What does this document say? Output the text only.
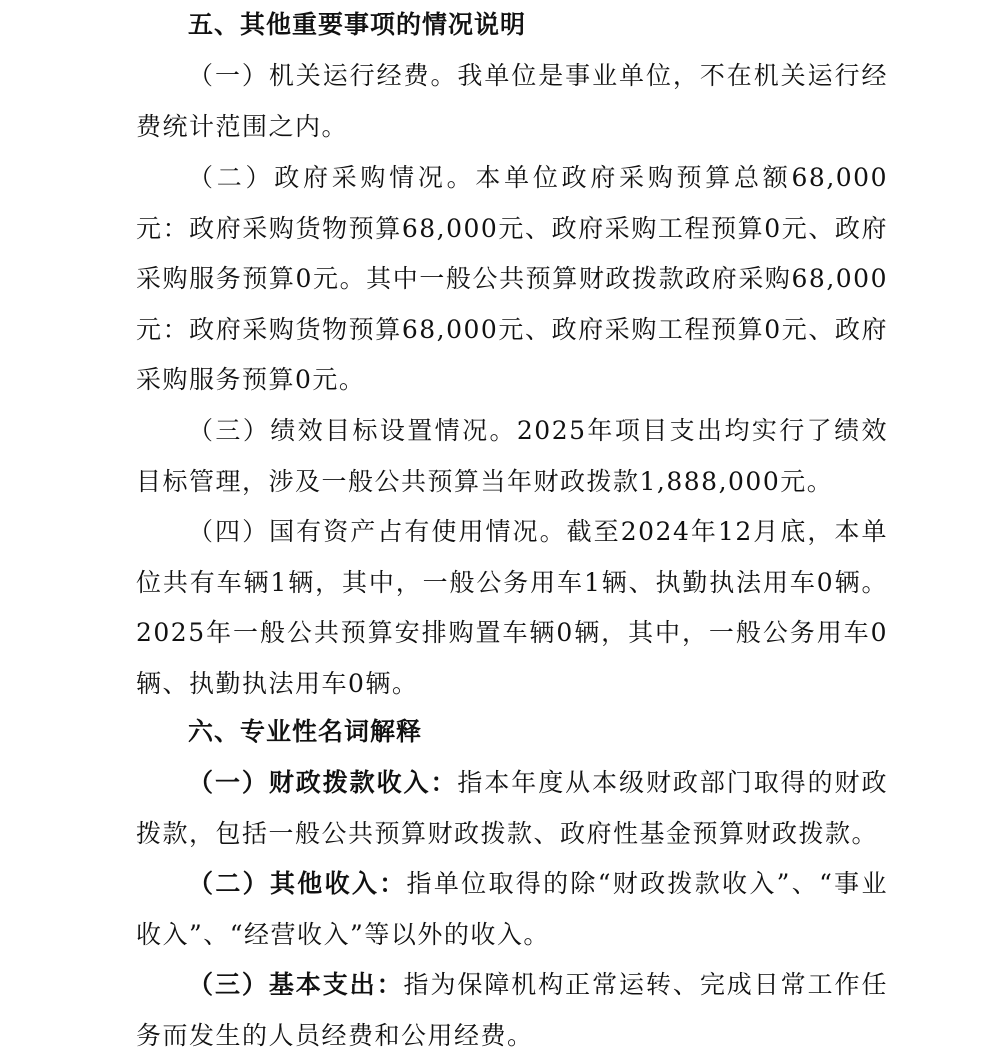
五、其他重要事项的情况说明

（一）机关运行经费。我单位是事业单位，不在机关运行经费统计范围之内。

（二）政府采购情况。本单位政府采购预算总额68,000元：政府采购货物预算68,000元、政府采购工程预算0元、政府采购服务预算0元。其中一般公共预算财政拨款政府采购68,000元：政府采购货物预算68,000元、政府采购工程预算0元、政府采购服务预算0元。

（三）绩效目标设置情况。2025年项目支出均实行了绩效目标管理，涉及一般公共预算当年财政拨款1,888,000元。

（四）国有资产占有使用情况。截至2024年12月底，本单位共有车辆1辆，其中，一般公务用车1辆、执勤执法用车0辆。2025年一般公共预算安排购置车辆0辆，其中，一般公务用车0辆、执勤执法用车0辆。

六、专业性名词解释

（一）财政拨款收入：指本年度从本级财政部门取得的财政拨款，包括一般公共预算财政拨款、政府性基金预算财政拨款。

（二）其他收入：指单位取得的除“财政拨款收入”、“事业收入”、“经营收入”等以外的收入。

（三）基本支出：指为保障机构正常运转、完成日常工作任务而发生的人员经费和公用经费。
